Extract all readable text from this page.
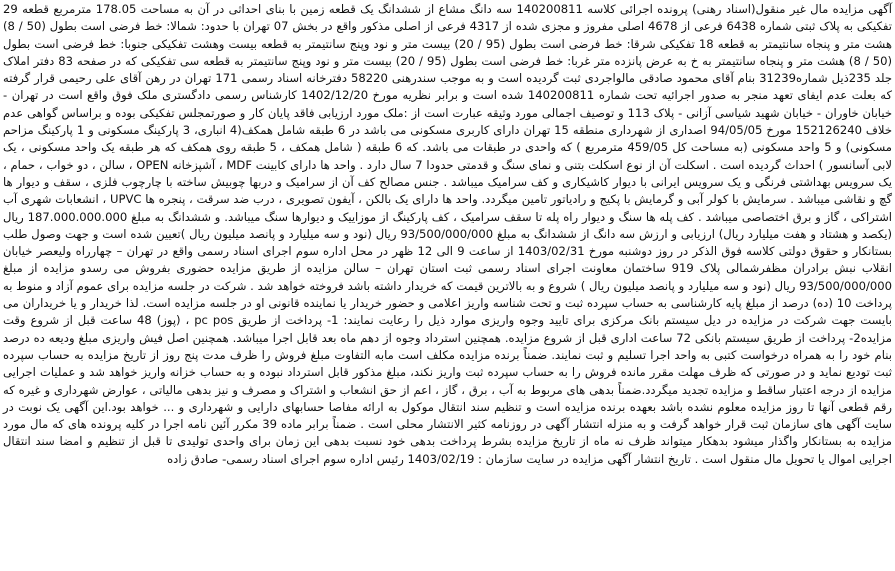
آگهی مزایده مال غیر منقول(اسناد رهنی) پرونده اجرائی کلاسه 140200811 سه دانگ مشاع از ششدانگ یک قطعه زمین با بنای احداثی در آن به مساحت 178.05 مترمربع قطعه 29 تفکیکی به پلاک ثبتی شماره 6438 فرعی از 4678 اصلی مفروز و مجزی شده از 4317 فرعی از اصلی مذکور واقع در بخش 07 تهران با حدود: شمالا: خط فرضی است بطول (50 / 8) هشت متر و پنجاه سانتیمتر به قطعه 18 تفکیکی شرقا: خط فرضی است بطول (95 / 20) بیست متر و نود وپنج سانتیمتر به قطعه بیست وهشت تفکیکی جنوبا: خط فرضی است بطول (50 / 8) هشت متر و پنجاه سانتیمتر به خ به عرض پانزده متر غربا: خط فرضی است بطول (95 / 20) بیست متر و نود وپنج سانتیمتر به قطعه سی تفکیکی که در صفحه 83 دفتر املاک جلد 235ذیل شماره31239 بنام آقای محمود صادقی مالواجردی ثبت گردیده است و به موجب سندرهنی 58220 دفترخانه اسناد رسمی 171 تهران در رهن آقای علی رحیمی قرار گرفته که بعلت عدم ایفای تعهد منجر به صدور اجرائیه تحت شماره 140200811 شده است و برابر نظریه مورخ 1402/12/20 کارشناس رسمی دادگستری ملک فوق واقع است در تهران - خیابان خاوران - خیابان شهید شیاسی آزانی - پلاک 113 و توصیف اجمالی مورد وثیقه عبارت است از :ملک مورد ارزیابی فاقد پایان کار و صورتمجلس تفکیکی بوده و براساس گواهی عدم خلاف 152126240 مورخ 94/05/05 اصداری از شهرداری منطقه 15 تهران دارای کاربری مسکونی می باشد در 6 طبقه شامل همکف(4 انباری، 3 پارکینگ مسکونی و 1 پارکینگ مزاحم مسکونی) و 5 واحد مسکونی (به مساحت کل 459/05 مترمربع ) که واحدی در طبقات می باشد. که 6 طبقه ( شامل همکف ، 5 طبقه روی همکف که هر طبقه یک واحد مسکونی ، یک لابی آسانسور ) احداث گردیده است . اسکلت آن از نوع اسکلت بتنی و نمای سنگ و قدمتی حدودا 7 سال دارد . واحد ها دارای کابینت MDF ، آشپزخانه OPEN ، سالن ، دو خواب ، حمام ، یک سرویس بهداشتی فرنگی و یک سرویس ایرانی با دیوار کاشیکاری و کف سرامیک میباشد . جنس مصالح کف آن از سرامیک و دربها چوبیش ساخته با چارچوب فلزی ، سقف و دیوار ها گچ و نقاشی میباشد . سرمایش با کولر آبی و گرمایش با پکیج و رادیاتور تامین میگردد. واحد ها دارای یک بالکن ، آیفون تصویری ، درب ضد سرقت ، پنجره ها UPVC ، انشعابات شهری آب اشتراکی ، گاز و برق اختصاصی میباشد . کف پله ها سنگ و دیوار راه پله تا سقف سرامیک ، کف پارکینگ از موزاییک و دیوارها سنگ میباشد. و ششدانگ به مبلغ 187.000.000.000 ریال (یکصد و هشتاد و هفت میلیارد ریال) ارزیابی و ارزش سه دانگ از ششدانگ به مبلغ 93/500/000/000 ریال (نود و سه میلیارد و پانصد میلیون ریال )تعیین شده است و جهت وصول طلب بستانکار و حقوق دولتی کلاسه فوق الذکر در روز دوشنبه مورخ 1403/02/31 از ساعت 9 الی 12 ظهر در محل اداره سوم اجرای اسناد رسمی واقع در تهران – چهارراه ولیعصر خیابان انقلاب نبش برادران مظفرشمالی پلاک 919 ساختمان معاونت اجرای اسناد رسمی ثبت استان تهران – سالن مزایده از طریق مزایده حضوری بفروش می رسدو مزایده از مبلغ 93/500/000/000 ریال (نود و سه میلیارد و پانصد میلیون ریال ) شروع و به بالاترین قیمت که خریدار داشته باشد فروخته خواهد شد . شرکت در جلسه مزایده برای عموم آزاد و منوط به پرداخت 10 (ده) درصد از مبلغ پایه کارشناسی به حساب سپرده ثبت و تحت شناسه واریز اعلامی و حضور خریدار یا نماینده قانونی او در جلسه مزایده است. لذا خریدار و یا خریداران می بایست جهت شرکت در مزایده در دیل سیستم بانک مرکزی برای تایید وجوه واریزی موارد ذیل را رعایت نمایند: 1- پرداخت از طریق pc pos ، (پوز) 48 ساعت قبل از شروع وقت مزایده2- پرداخت از طریق سیستم بانکی 72 ساعت اداری قبل از شروع مزایده. همچنین استرداد وجوه از دهم ماه بعد قابل اجرا میباشد. همچنین اصل فیش واریزی مبلغ ودیعه ده درصد بنام خود را به همراه درخواست کتبی به واحد اجرا تسلیم و ثبت نمایند. ضمناً برنده مزایده مکلف است مابه التفاوت مبلغ فروش را ظرف مدت پنج روز از تاریخ مزایده به حساب سپرده ثبت تودیع نماید و در صورتی که ظرف مهلت مقرر مانده فروش را به حساب سپرده ثبت واریز نکند، مبلغ مذکور قابل استرداد نبوده و به حساب خزانه واریز خواهد شد و عملیات اجرایی مزایده از درجه اعتبار ساقط و مزایده تجدید میگردد.ضمناً بدهی های مربوط به آب ، برق ، گاز ، اعم از حق انشعاب و اشتراک و مصرف و نیز بدهی مالیاتی ، عوارض شهرداری و غیره که رقم قطعی آنها تا روز مزایده معلوم نشده باشد بعهده برنده مزایده است و تنظیم سند انتقال موکول به ارائه مفاصا حسابهای دارایی و شهرداری و ... خواهد بود.این آگهی یک نوبت در سایت آگهی های سازمان ثبت قرار خواهد گرفت و به منزله انتشار آگهی در روزنامه کثیر الانتشار محلی است . ضمناً برابر ماده 39 مکرر آئین نامه اجرا در کلیه پرونده های که مال مورد مزایده به بستانکار واگذار میشود بدهکار میتواند ظرف نه ماه از تاریخ مزایده بشرط پرداخت بدهی خود نسبت بدهی این زمان برای واحدی تولیدی تا قبل از تنظیم و امضا سند انتقال اجرایی اموال یا تحویل مال منقول است . تاریخ انتشار آگهی مزایده در سایت سازمان : 1403/02/19 رئیس اداره سوم اجرای اسناد رسمی- صادق زاده
